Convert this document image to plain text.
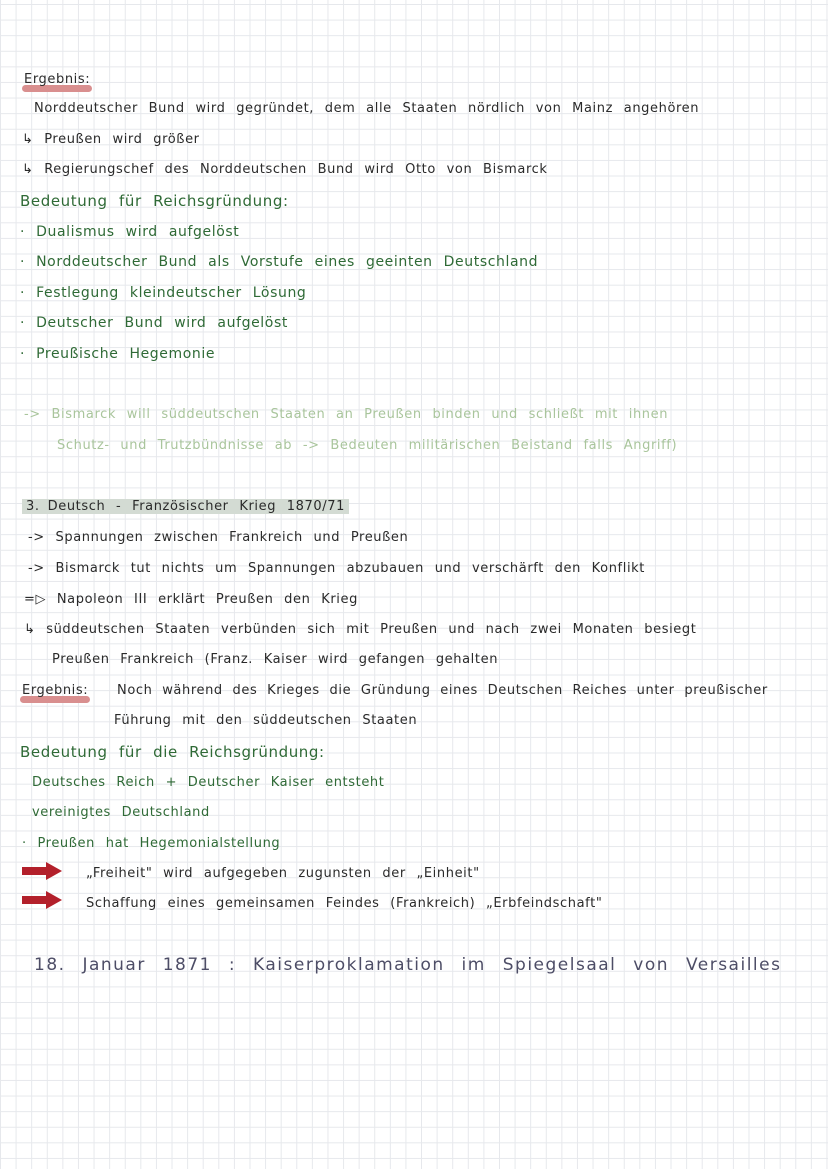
Ergebnis:
Norddeutscher Bund wird gegründet, dem alle Staaten nördlich von Mainz angehören
↳ Preußen wird größer
↳ Regierungschef des Norddeutschen Bund wird Otto von Bismarck
Bedeutung für Reichsgründung:
· Dualismus wird aufgelöst
· Norddeutscher Bund als Vorstufe eines geeinten Deutschland
· Festlegung kleindeutscher Lösung
· Deutscher Bund wird aufgelöst
· Preußische Hegemonie
-> Bismarck will süddeutschen Staaten an Preußen binden und schließt mit ihnen
Schutz- und Trutzbündnisse ab -> Bedeuten militärischen Beistand falls Angriff)
3. Deutsch - Französischer Krieg 1870/71
-> Spannungen zwischen Frankreich und Preußen
-> Bismarck tut nichts um Spannungen abzubauen und verschärft den Konflikt
=▷ Napoleon III erklärt Preußen den Krieg
↳ süddeutschen Staaten verbünden sich mit Preußen und nach zwei Monaten besiegt
Preußen Frankreich (Franz. Kaiser wird gefangen gehalten
Ergebnis: Noch während des Krieges die Gründung eines Deutschen Reiches unter preußischer
Führung mit den süddeutschen Staaten
Bedeutung für die Reichsgründung:
Deutsches Reich + Deutscher Kaiser entsteht
vereinigtes Deutschland
· Preußen hat Hegemonialstellung
„Freiheit" wird aufgegeben zugunsten der „Einheit"
Schaffung eines gemeinsamen Feindes (Frankreich) „Erbfeindschaft"
18. Januar 1871 : Kaiserproklamation im Spiegelsaal von Versailles
